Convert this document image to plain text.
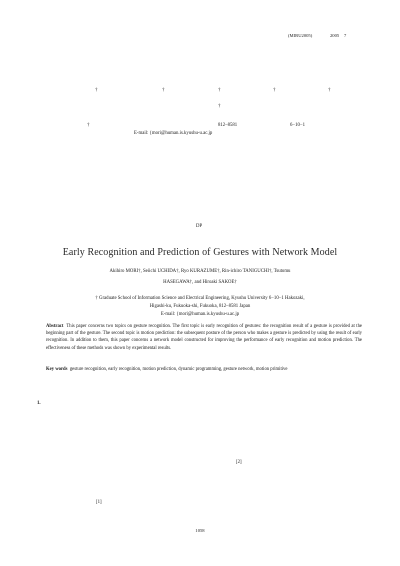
(MIRU2005)	2005 7
†	†	†	†	†
†
†	812–8581	6−10−1
E-mail: {mori@human.is.kyushu-u.ac.jp
DP
Early Recognition and Prediction of Gestures with Network Model
Akihiro MORI†, Seiichi UCHIDA†, Ryo KURAZUME†, Rin-ichiro TANIGUCHI†, Tsutomu
HASEGAWA†, and Hiroaki SAKOE†
† Graduate School of Information Science and Electrical Engineering, Kyushu University 6−10−1 Hakozaki,
Higashi-ku, Fukuoka-shi, Fukuoka, 812–8581 Japan
E-mail: {mori@human.is.kyushu-u.ac.jp
Abstract This paper concerns two topics on gesture recognition. The first topic is early recognition of gestures: the recognition result of a gesture is provided at the beginning part of the gesture. The second topic is motion prediction: the subsequent posture of the person who makes a gesture is predicted by using the result of early recognition. In addition to them, this paper concerns a network model constructed for improving the performance of early recognition and motion prediction. The effectiveness of these methods was shown by experimental results.
Key words gesture recognition, early recognition, motion prediction, dynamic programming, gesture network, motion primitive
1.
[2]
[1]
1058
